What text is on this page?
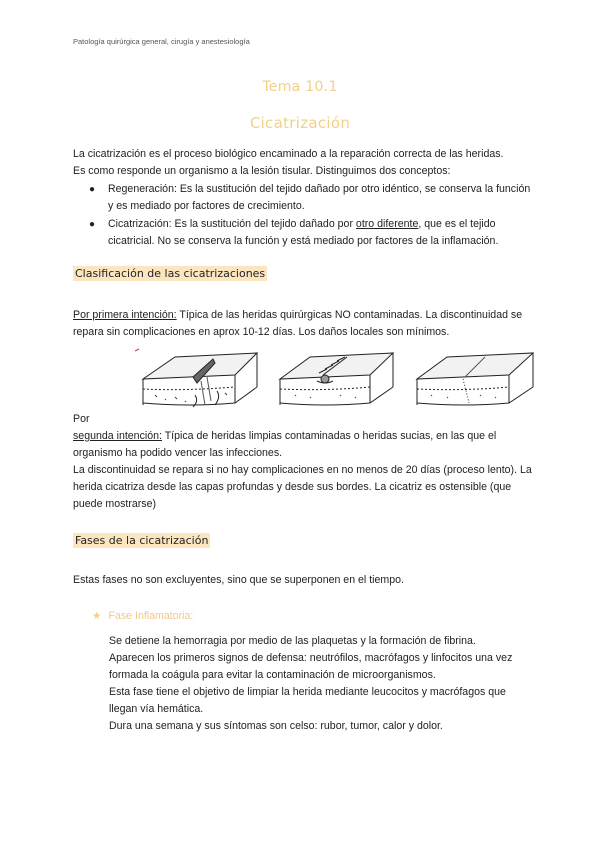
Patología quirúrgica general, cirugía y anestesiología
Tema 10.1
Cicatrización
La cicatrización es el proceso biológico encaminado a la reparación correcta de las heridas.
Es como responde un organismo a la lesión tisular. Distinguimos dos conceptos:
● Regeneración: Es la sustitución del tejido dañado por otro idéntico, se conserva la función y es mediado por factores de crecimiento.
● Cicatrización: Es la sustitución del tejido dañado por otro diferente, que es el tejido cicatricial. No se conserva la función y está mediado por factores de la inflamación.
Clasificación de las cicatrizaciones
Por primera intención: Típica de las heridas quirúrgicas NO contaminadas. La discontinuidad se repara sin complicaciones en aprox 10-12 días. Los daños locales son mínimos.
Por
segunda intención: Típica de heridas limpias contaminadas o heridas sucias, en las que el organismo ha podido vencer las infecciones.
La discontinuidad se repara si no hay complicaciones en no menos de 20 días (proceso lento). La herida cicatriza desde las capas profundas y desde sus bordes. La cicatriz es ostensible (que puede mostrarse)
Fases de la cicatrización
Estas fases no son excluyentes, sino que se superponen en el tiempo.
★ Fase Inflamatoria:
Se detiene la hemorragia por medio de las plaquetas y la formación de fibrina.
Aparecen los primeros signos de defensa: neutrófilos, macrófagos y linfocitos una vez formada la coágula para evitar la contaminación de microorganismos.
Esta fase tiene el objetivo de limpiar la herida mediante leucocitos y macrófagos que llegan vía hemática.
Dura una semana y sus síntomas son celso: rubor, tumor, calor y dolor.
